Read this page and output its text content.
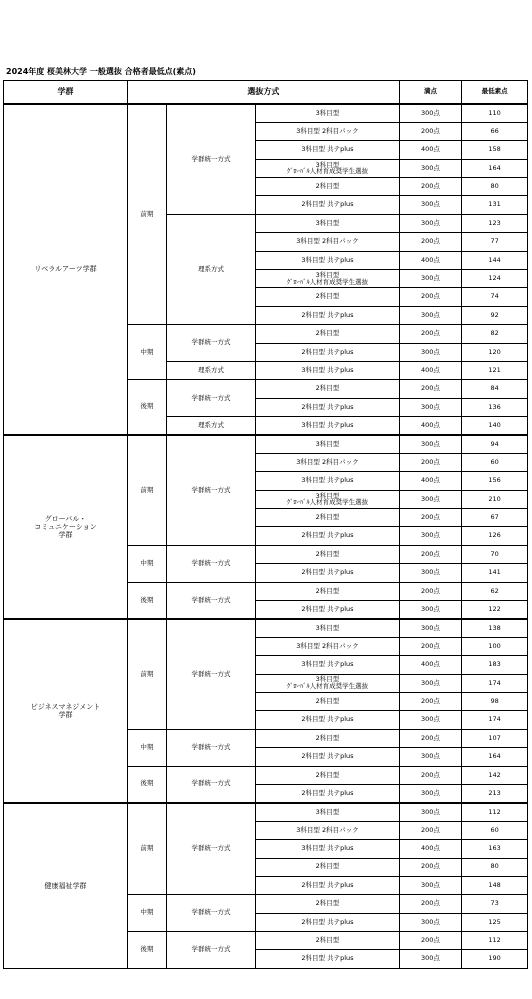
2024年度 桜美林大学 一般選抜 合格者最低点(素点)
学群	選抜方式			満点	最低素点

リベラルアーツ学群	前期	学群統一方式	3科目型	300点	110

			3科目型 2科目パック	200点	66

			3科目型 共テplus	400点	158

			3科目型
ｸﾞﾛｰﾊﾞﾙ人材育成奨学生選抜	300点	164

			2科目型	200点	80

			2科目型 共テplus	300点	131
		理系方式	3科目型	300点	123

			3科目型 2科目パック	200点	77

			3科目型 共テplus	400点	144

			3科目型
ｸﾞﾛｰﾊﾞﾙ人材育成奨学生選抜	300点	124

			2科目型	200点	74

			2科目型 共テplus	300点	92
	中期	学群統一方式	2科目型	200点	82

			2科目型 共テplus	300点	120
		理系方式	3科目型 共テplus	400点	121
	後期	学群統一方式	2科目型	200点	84

			2科目型 共テplus	300点	136
		理系方式	3科目型 共テplus	400点	140

グローバル・
コミュニケーション
学群	前期	学群統一方式	3科目型	300点	94

			3科目型 2科目パック	200点	60

			3科目型 共テplus	400点	156

			3科目型
ｸﾞﾛｰﾊﾞﾙ人材育成奨学生選抜	300点	210

			2科目型	200点	67

			2科目型 共テplus	300点	126
	中期	学群統一方式	2科目型	200点	70

			2科目型 共テplus	300点	141
	後期	学群統一方式	2科目型	200点	62

			2科目型 共テplus	300点	122

ビジネスマネジメント
学群	前期	学群統一方式	3科目型	300点	138

			3科目型 2科目パック	200点	100

			3科目型 共テplus	400点	183

			3科目型
ｸﾞﾛｰﾊﾞﾙ人材育成奨学生選抜	300点	174

			2科目型	200点	98

			2科目型 共テplus	300点	174
	中期	学群統一方式	2科目型	200点	107

			2科目型 共テplus	300点	164
	後期	学群統一方式	2科目型	200点	142

			2科目型 共テplus	300点	213

健康福祉学群	前期	学群統一方式	3科目型	300点	112

			3科目型 2科目パック	200点	60

			3科目型 共テplus	400点	163

			2科目型	200点	80

			2科目型 共テplus	300点	148
	中期	学群統一方式	2科目型	200点	73

			2科目型 共テplus	300点	125
	後期	学群統一方式	2科目型	200点	112

			2科目型 共テplus	300点	190
